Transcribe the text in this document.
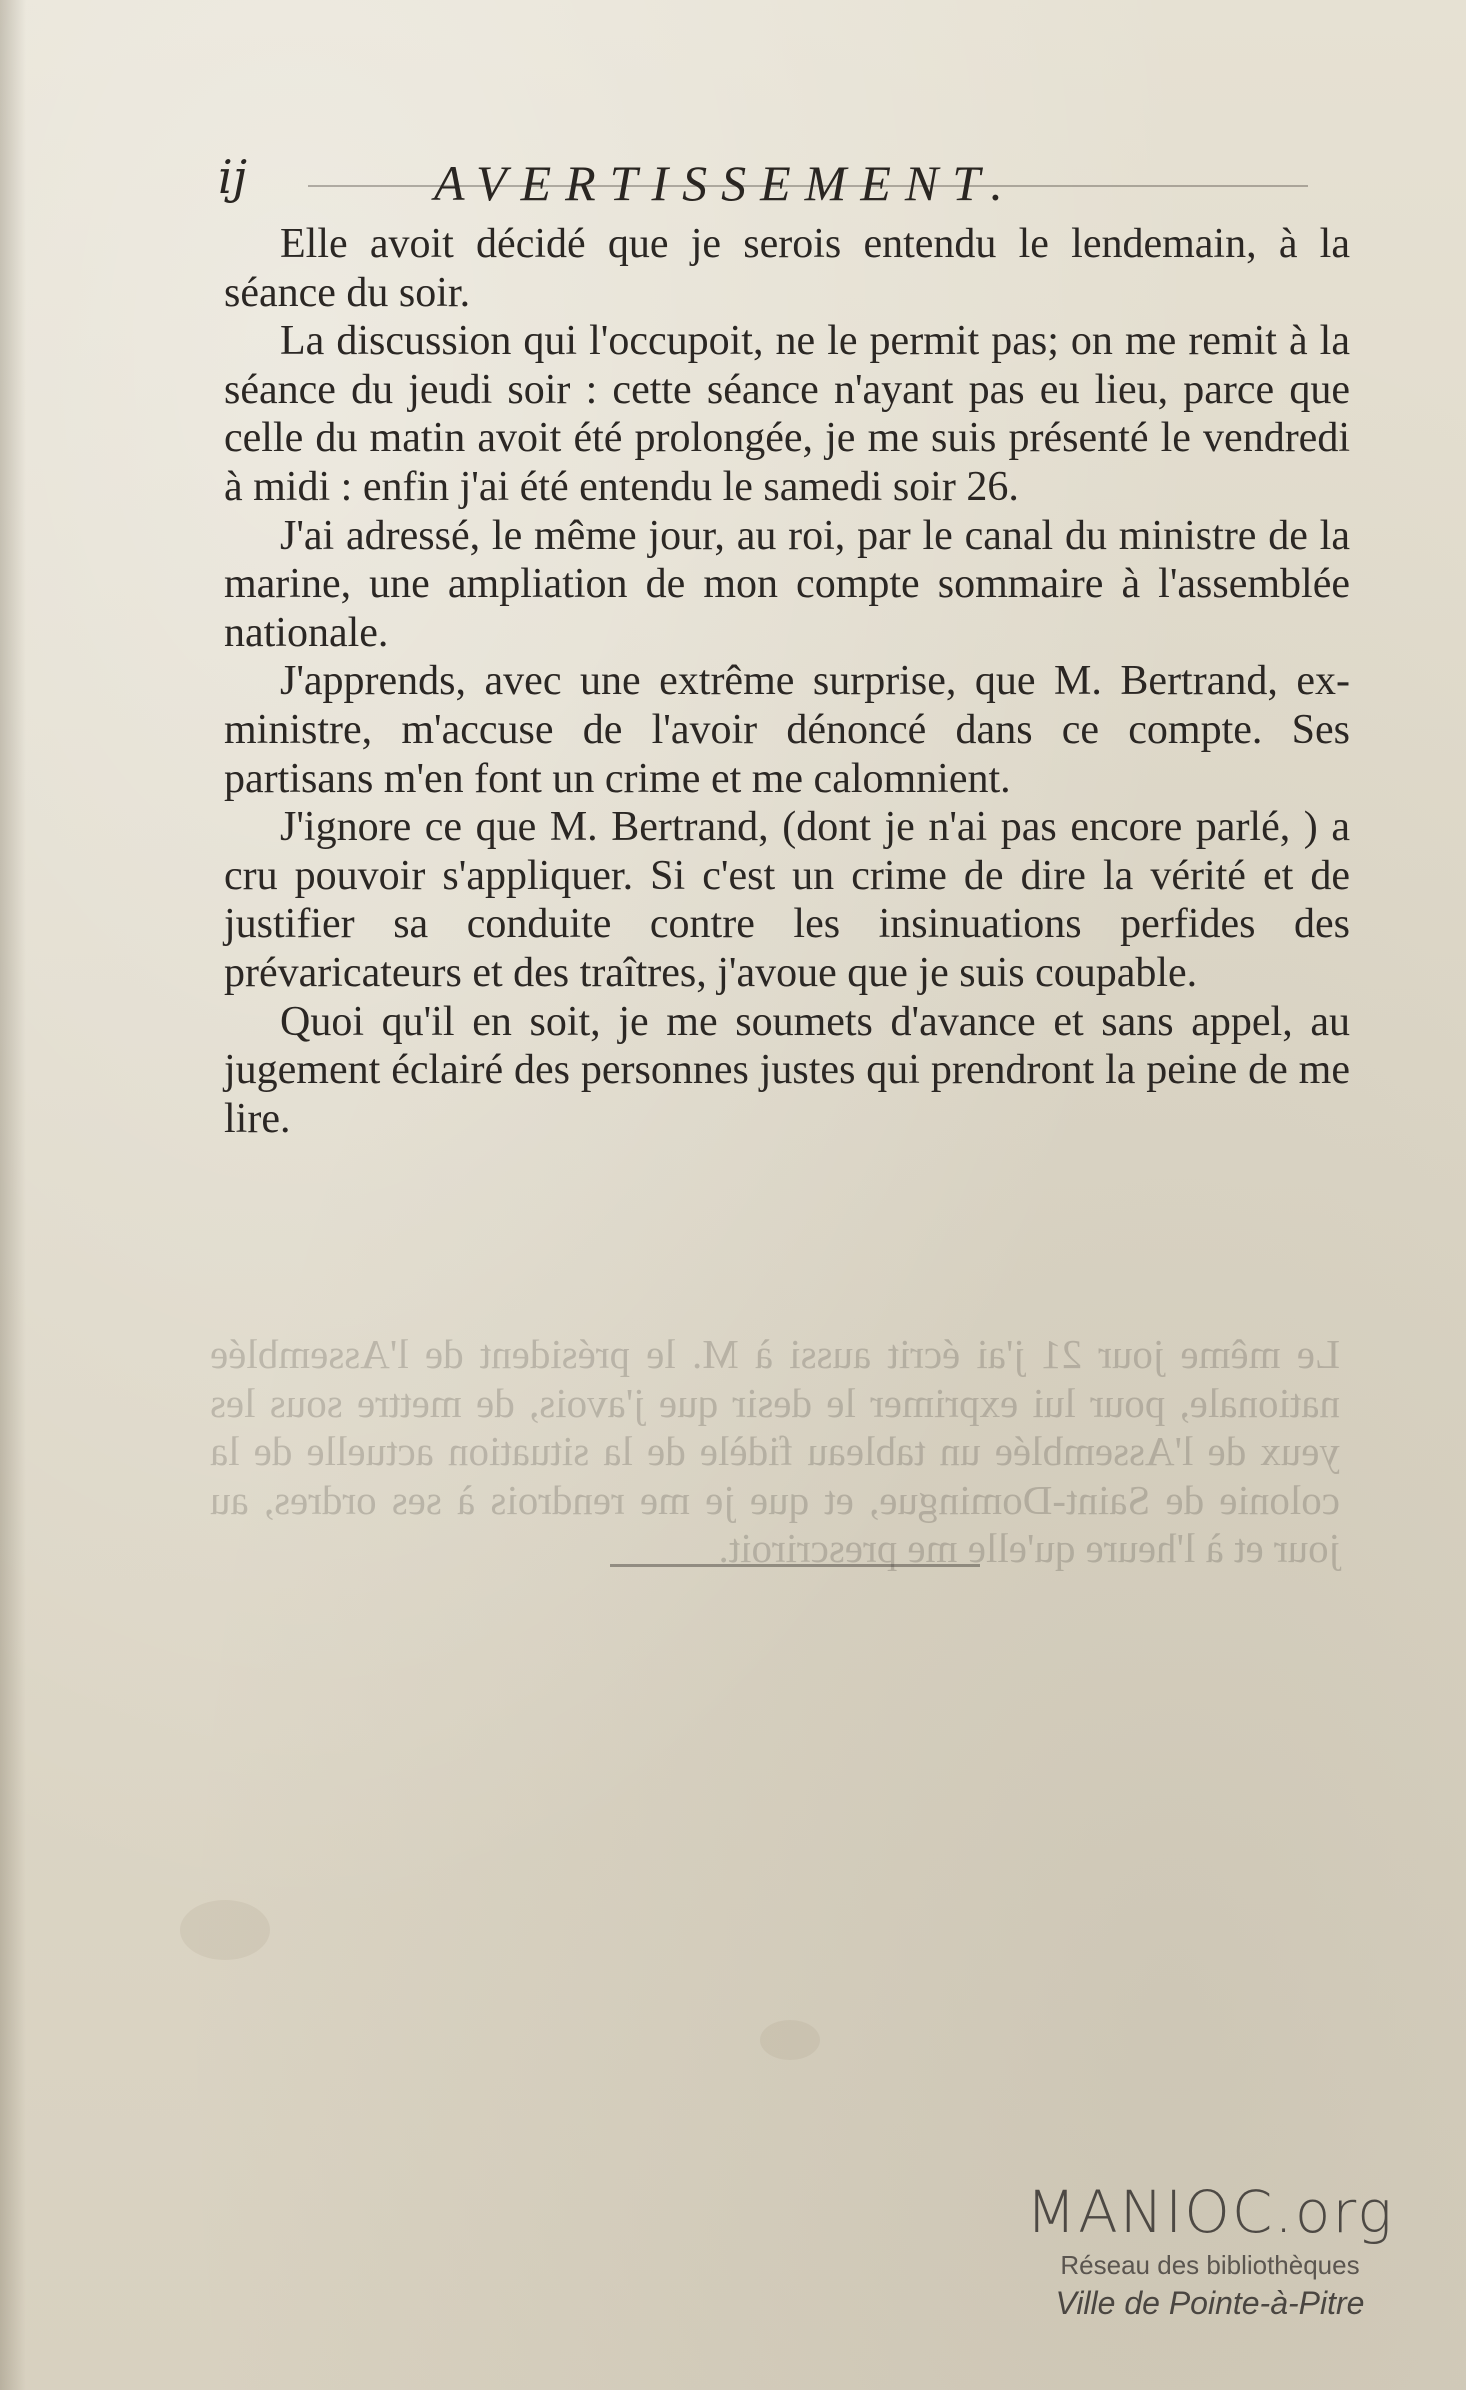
ij	AVERTISSEMENT.

Elle avoit décidé que je serois entendu le lendemain, à la séance du soir.

La discussion qui l'occupoit, ne le permit pas; on me remit à la séance du jeudi soir : cette séance n'ayant pas eu lieu, parce que celle du matin avoit été prolongée, je me suis présenté le vendredi à midi : enfin j'ai été entendu le samedi soir 26.

J'ai adressé, le même jour, au roi, par le canal du ministre de la marine, une ampliation de mon compte sommaire à l'assemblée nationale.

J'apprends, avec une extrême surprise, que M. Bertrand, ex-ministre, m'accuse de l'avoir dénoncé dans ce compte. Ses partisans m'en font un crime et me calomnient.

J'ignore ce que M. Bertrand, (dont je n'ai pas encore parlé, ) a cru pouvoir s'appliquer. Si c'est un crime de dire la vérité et de justifier sa conduite contre les insinuations perfides des prévaricateurs et des traîtres, j'avoue que je suis coupable.

Quoi qu'il en soit, je me soumets d'avance et sans appel, au jugement éclairé des personnes justes qui prendront la peine de me lire.

Le même jour 21 j'ai écrit aussi à M. le président de l'Assemblée nationale, pour lui exprimer le desir que j'avois, de mettre sous les yeux de l'Assemblée un tableau fidèle de la situation actuelle de la colonie de Saint-Domingue, et que je me rendrois à ses ordres, au jour et à l'heure qu'elle me prescriroit.
MANIOC.org
Réseau des bibliothèques
Ville de Pointe-à-Pitre
